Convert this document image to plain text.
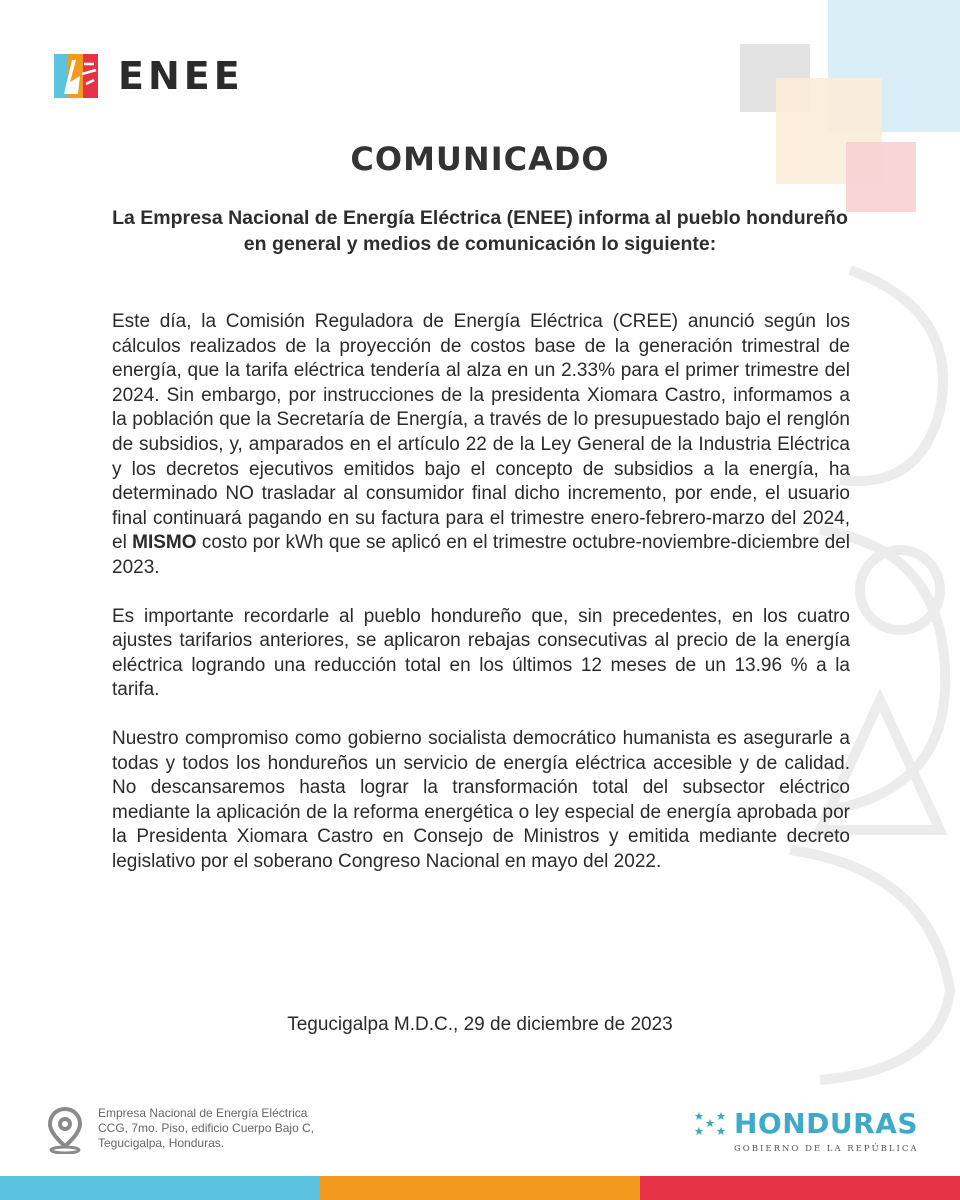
ENEE
COMUNICADO

La Empresa Nacional de Energía Eléctrica (ENEE) informa al pueblo hondureño en general y medios de comunicación lo siguiente:

Este día, la Comisión Reguladora de Energía Eléctrica (CREE) anunció según los cálculos realizados de la proyección de costos base de la generación trimestral de energía, que la tarifa eléctrica tendería al alza en un 2.33% para el primer trimestre del 2024. Sin embargo, por instrucciones de la presidenta Xiomara Castro, informamos a la población que la Secretaría de Energía, a través de lo presupuestado bajo el renglón de subsidios, y, amparados en el artículo 22 de la Ley General de la Industria Eléctrica y los decretos ejecutivos emitidos bajo el concepto de subsidios a la energía, ha determinado NO trasladar al consumidor final dicho incremento, por ende, el usuario final continuará pagando en su factura para el trimestre enero-febrero-marzo del 2024, el MISMO costo por kWh que se aplicó en el trimestre octubre-noviembre-diciembre del 2023.

Es importante recordarle al pueblo hondureño que, sin precedentes, en los cuatro ajustes tarifarios anteriores, se aplicaron rebajas consecutivas al precio de la energía eléctrica logrando una reducción total en los últimos 12 meses de un 13.96 % a la tarifa.

Nuestro compromiso como gobierno socialista democrático humanista es asegurarle a todas y todos los hondureños un servicio de energía eléctrica accesible y de calidad. No descansaremos hasta lograr la transformación total del subsector eléctrico mediante la aplicación de la reforma energética o ley especial de energía aprobada por la Presidenta Xiomara Castro en Consejo de Ministros y emitida mediante decreto legislativo por el soberano Congreso Nacional en mayo del 2022.

Tegucigalpa M.D.C., 29 de diciembre de 2023
Empresa Nacional de Energía Eléctrica
CCG, 7mo. Piso, edificio Cuerpo Bajo C,
Tegucigalpa, Honduras.
HONDURAS
GOBIERNO DE LA REPÚBLICA
